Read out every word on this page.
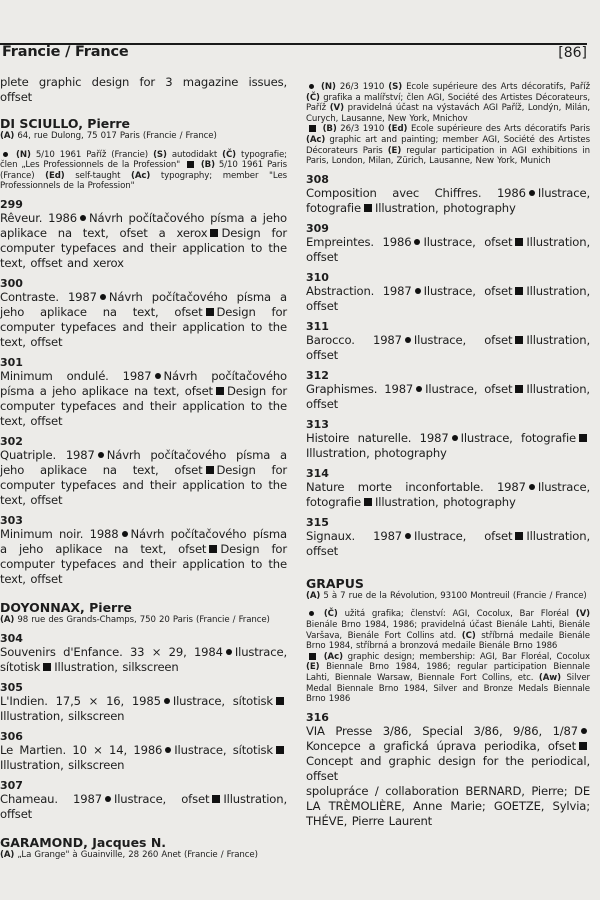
Francie / France	[86]
plete graphic design for 3 magazine issues, offset
DI SCIULLO, Pierre
(A) 64, rue Dulong, 75 017 Paris (Francie / France)
(N) 5/10 1961 Paříž (Francie) (S) autodidakt (Č) typografie; člen „Les Professionnels de la Profession" (B) 5/10 1961 Paris (France) (Ed) self-taught (Ac) typography; member "Les Professionnels de la Profession"
299
Rêveur. 1986 Návrh počítačového písma a jeho aplikace na text, ofset a xerox Design for computer typefaces and their application to the text, offset and xerox
300
Contraste. 1987 Návrh počítačového písma a jeho aplikace na text, ofset Design for computer typefaces and their application to the text, offset
301
Minimum ondulé. 1987 Návrh počítačového písma a jeho aplikace na text, ofset Design for computer typefaces and their application to the text, offset
302
Quatriple. 1987 Návrh počítačového písma a jeho aplikace na text, ofset Design for computer typefaces and their application to the text, offset
303
Minimum noir. 1988 Návrh počítačového písma a jeho aplikace na text, ofset Design for computer typefaces and their application to the text, offset
DOYONNAX, Pierre
(A) 98 rue des Grands-Champs, 750 20 Paris (Francie / France)
304
Souvenirs d'Enfance. 33 × 29, 1984 Ilustrace, sítotisk Illustration, silkscreen
305
L'Indien. 17,5 × 16, 1985 Ilustrace, sítotiskIllustration, silkscreen
306
Le Martien. 10 × 14, 1986 Ilustrace, sítotiskIllustration, silkscreen
307
Chameau. 1987 Ilustrace, ofset Illustration, offset
GARAMOND, Jacques N.
(A) „La Grange" à Guainville, 28 260 Anet (Francie / France)
(N) 26/3 1910 (S) Ecole supérieure des Arts décoratifs, Paříž (Č) grafika a malířství; člen AGI, Société des Artistes Décorateurs, Paříž (V) pravidelná účast na výstavách AGI Paříž, Londýn, Milán, Curych, Lausanne, New York, Mnichov
(B) 26/3 1910 (Ed) Ecole supérieure des Arts décoratifs Paris (Ac) graphic art and painting; member AGI, Société des Artistes Décorateurs Paris (E) regular participation in AGI exhibitions in Paris, London, Milan, Zürich, Lausanne, New York, Munich
308
Composition avec Chiffres. 1986 Ilustrace, fotografie Illustration, photography
309
Empreintes. 1986 Ilustrace, ofset Illustration, offset
310
Abstraction. 1987 Ilustrace, ofset Illustration, offset
311
Barocco. 1987 Ilustrace, ofset Illustration, offset
312
Graphismes. 1987 Ilustrace, ofset Illustration, offset
313
Histoire naturelle. 1987 Ilustrace, fotografieIllustration, photography
314
Nature morte inconfortable. 1987 Ilustrace, fotografie Illustration, photography
315
Signaux. 1987 Ilustrace, ofset Illustration, offset
GRAPUS
(A) 5 à 7 rue de la Révolution, 93100 Montreuil (Francie / France)
(Č) užitá grafika; členství: AGI, Cocolux, Bar Floréal (V) Bienále Brno 1984, 1986; pravidelná účast Bienále Lahti, Bienále Varšava, Bienále Fort Collins atd. (C) stříbrná medaile Bienále Brno 1984, stříbrná a bronzová medaile Bienále Brno 1986
(Ac) graphic design; membership: AGI, Bar Floréal, Cocolux (E) Biennale Brno 1984, 1986; regular participation Biennale Lahti, Biennale Warsaw, Biennale Fort Collins, etc. (Aw) Silver Medal Biennale Brno 1984, Silver and Bronze Medals Biennale Brno 1986
316
VIA Presse 3/86, Special 3/86, 9/86, 1/87Koncepce a grafická úprava periodika, ofsetConcept and graphic design for the periodical, offset
spolupráce / collaboration BERNARD, Pierre; DE LA TRÈMOLIÈRE, Anne Marie; GOETZE, Sylvia; THÉVE, Pierre Laurent
